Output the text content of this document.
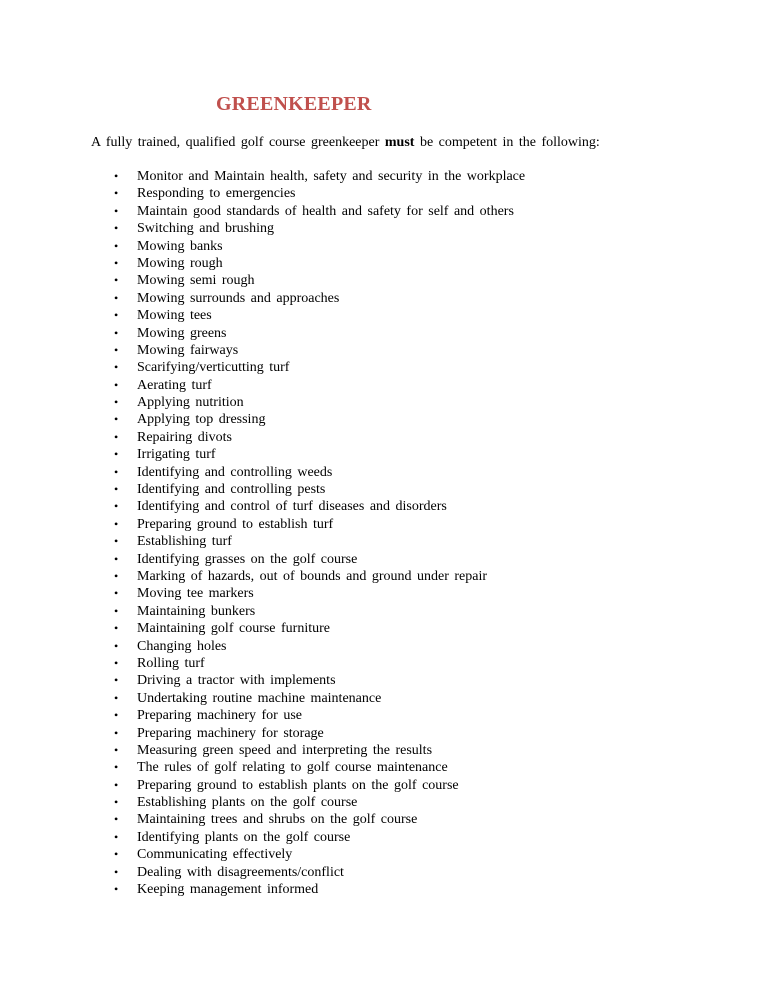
GREENKEEPER

A fully trained, qualified golf course greenkeeper must be competent in the following:

• Monitor and Maintain health, safety and security in the workplace
• Responding to emergencies
• Maintain good standards of health and safety for self and others
• Switching and brushing
• Mowing banks
• Mowing rough
• Mowing semi rough
• Mowing surrounds and approaches
• Mowing tees
• Mowing greens
• Mowing fairways
• Scarifying/verticutting turf
• Aerating turf
• Applying nutrition
• Applying top dressing
• Repairing divots
• Irrigating turf
• Identifying and controlling weeds
• Identifying and controlling pests
• Identifying and control of turf diseases and disorders
• Preparing ground to establish turf
• Establishing turf
• Identifying grasses on the golf course
• Marking of hazards, out of bounds and ground under repair
• Moving tee markers
• Maintaining bunkers
• Maintaining golf course furniture
• Changing holes
• Rolling turf
• Driving a tractor with implements
• Undertaking routine machine maintenance
• Preparing machinery for use
• Preparing machinery for storage
• Measuring green speed and interpreting the results
• The rules of golf relating to golf course maintenance
• Preparing ground to establish plants on the golf course
• Establishing plants on the golf course
• Maintaining trees and shrubs on the golf course
• Identifying plants on the golf course
• Communicating effectively
• Dealing with disagreements/conflict
• Keeping management informed
